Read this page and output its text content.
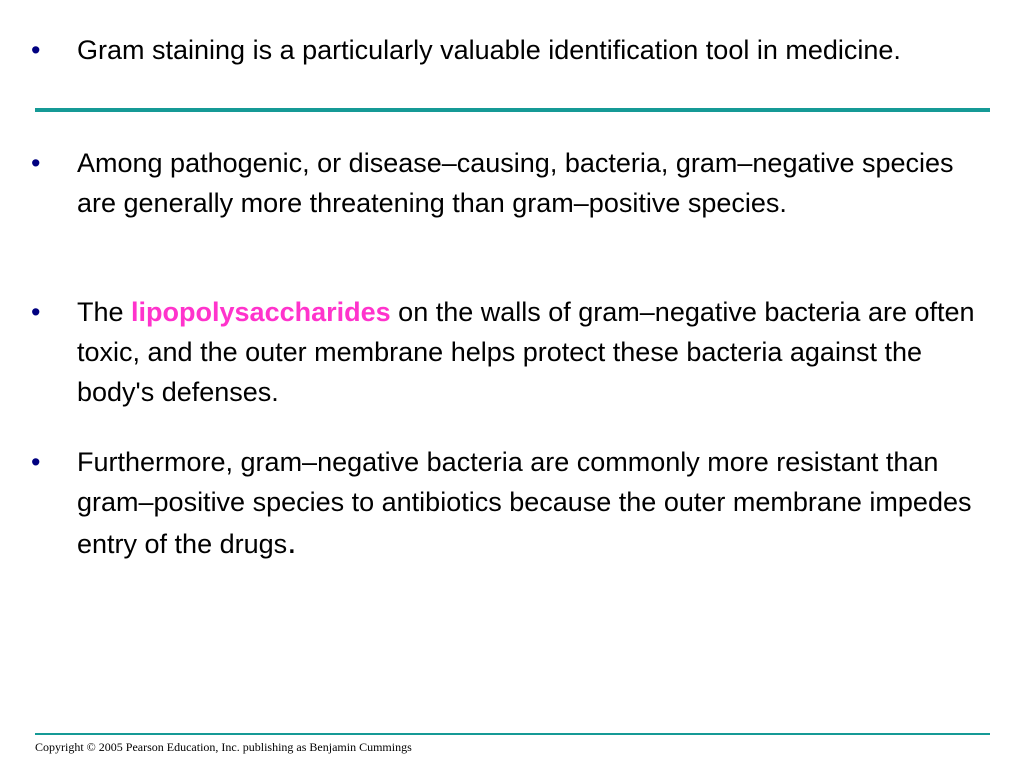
• Gram staining is a particularly valuable identification tool in medicine.

• Among pathogenic, or disease–causing, bacteria, gram–negative species are generally more threatening than gram–positive species.

• The lipopolysaccharides on the walls of gram–negative bacteria are often toxic, and the outer membrane helps protect these bacteria against the body's defenses.

• Furthermore, gram–negative bacteria are commonly more resistant than gram–positive species to antibiotics because the outer membrane impedes entry of the drugs.

Copyright © 2005 Pearson Education, Inc. publishing as Benjamin Cummings
